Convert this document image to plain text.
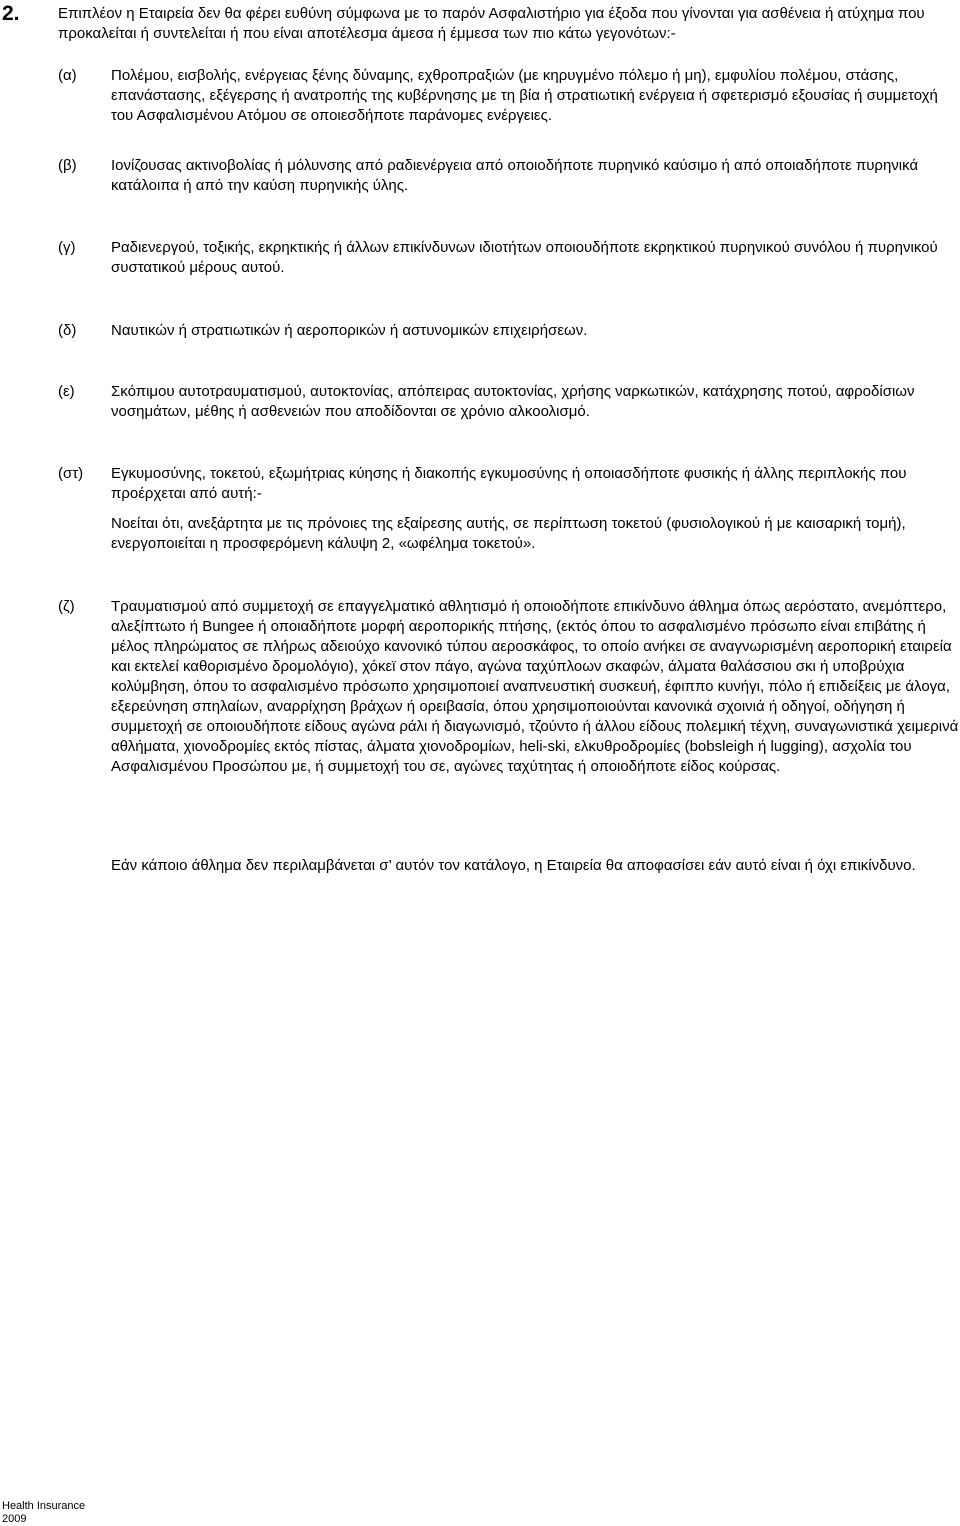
2.	Επιπλέον η Εταιρεία δεν θα φέρει ευθύνη σύμφωνα με το παρόν Ασφαλιστήριο για έξοδα που γίνονται για ασθένεια ή ατύχημα που προκαλείται ή συντελείται ή που είναι αποτέλεσμα άμεσα ή έμμεσα των πιο κάτω γεγονότων:-

(α) Πολέμου, εισβολής, ενέργειας ξένης δύναμης, εχθροπραξιών (με κηρυγμένο πόλεμο ή μη), εμφυλίου πολέμου, στάσης, επανάστασης, εξέγερσης ή ανατροπής της κυβέρνησης με τη βία ή στρατιωτική ενέργεια ή σφετερισμό εξουσίας ή συμμετοχή του Ασφαλισμένου Ατόμου σε οποιεσδήποτε παράνομες ενέργειες.

(β) Ιονίζουσας ακτινοβολίας ή μόλυνσης από ραδιενέργεια από οποιοδήποτε πυρηνικό καύσιμο ή από οποιαδήποτε πυρηνικά κατάλοιπα ή από την καύση πυρηνικής ύλης.

(γ) Ραδιενεργού, τοξικής, εκρηκτικής ή άλλων επικίνδυνων ιδιοτήτων οποιουδήποτε εκρηκτικού πυρηνικού συνόλου ή πυρηνικού συστατικού μέρους αυτού.

(δ) Ναυτικών ή στρατιωτικών ή αεροπορικών ή αστυνομικών επιχειρήσεων.

(ε) Σκόπιμου αυτοτραυματισμού, αυτοκτονίας, απόπειρας αυτοκτονίας, χρήσης ναρκωτικών, κατάχρησης ποτού, αφροδίσιων νοσημάτων, μέθης ή ασθενειών που αποδίδονται σε χρόνιο αλκοολισμό.

(στ) Εγκυμοσύνης, τοκετού, εξωμήτριας κύησης ή διακοπής εγκυμοσύνης ή οποιασδήποτε φυσικής ή άλλης περιπλοκής που προέρχεται από αυτή:-

Νοείται ότι, ανεξάρτητα με τις πρόνοιες της εξαίρεσης αυτής, σε περίπτωση τοκετού (φυσιολογικού ή με καισαρική τομή), ενεργοποιείται η προσφερόμενη κάλυψη 2, «ωφέλημα τοκετού».

(ζ) Τραυματισμού από συμμετοχή σε επαγγελματικό αθλητισμό ή οποιοδήποτε επικίνδυνο άθλημα όπως αερόστατο, ανεμόπτερο, αλεξίπτωτο ή Bungee ή οποιαδήποτε μορφή αεροπορικής πτήσης, (εκτός όπου το ασφαλισμένο πρόσωπο είναι επιβάτης ή μέλος πληρώματος σε πλήρως αδειούχο κανονικό τύπου αεροσκάφος, το οποίο ανήκει σε αναγνωρισμένη αεροπορική εταιρεία και εκτελεί καθορισμένο δρομολόγιο), χόκεϊ στον πάγο, αγώνα ταχύπλοων σκαφών, άλματα θαλάσσιου σκι ή υποβρύχια κολύμβηση, όπου το ασφαλισμένο πρόσωπο χρησιμοποιεί αναπνευστική συσκευή, έφιππο κυνήγι, πόλο ή επιδείξεις με άλογα, εξερεύνηση σπηλαίων, αναρρίχηση βράχων ή ορειβασία, όπου χρησιμοποιούνται κανονικά σχοινιά ή οδηγοί, οδήγηση ή συμμετοχή σε οποιουδήποτε είδους αγώνα ράλι ή διαγωνισμό, τζούντο ή άλλου είδους πολεμική τέχνη, συναγωνιστικά χειμερινά αθλήματα, χιονοδρομίες εκτός πίστας, άλματα χιονοδρομίων, heli-ski, ελκυθροδρομίες (bobsleigh ή lugging), ασχολία του Ασφαλισμένου Προσώπου με, ή συμμετοχή του σε, αγώνες ταχύτητας ή οποιοδήποτε είδος κούρσας.

Εάν κάποιο άθλημα δεν περιλαμβάνεται σ’ αυτόν τον κατάλογο, η Εταιρεία θα αποφασίσει εάν αυτό είναι ή όχι επικίνδυνο.

Health Insurance
2009
